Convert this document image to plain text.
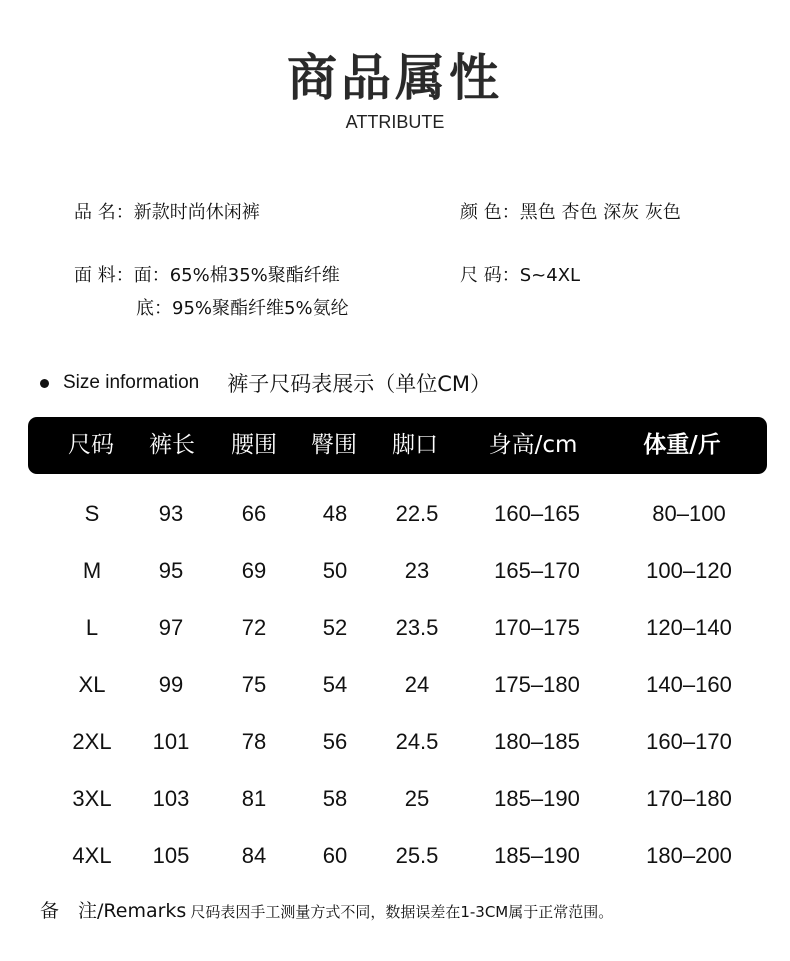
商品属性
ATTRIBUTE
品 名：新款时尚休闲裤	颜 色：黑色 杏色 深灰 灰色
面 料：面：65%棉35%聚酯纤维
底：95%聚酯纤维5%氨纶
尺 码：S~4XL
Size information 裤子尺码表展示（单位CM）
尺码 裤长 腰围 臀围 脚口 身高/cm	体重/斤
S	93	66	48 22.5	160–165	80–100
M	95	69	50	23	165–170	100–120
L	97	72	52 23.5	170–175	120–140
XL 99	75	54	24	175–180	140–160
2XL 101 78	56 24.5	180–185	160–170
3XL 103 81	58	25	185–190	170–180
4XL 105 84	60 25.5	185–190	180–200
备　注/Remarks 尺码表因手工测量方式不同，数据误差在1-3CM属于正常范围。
